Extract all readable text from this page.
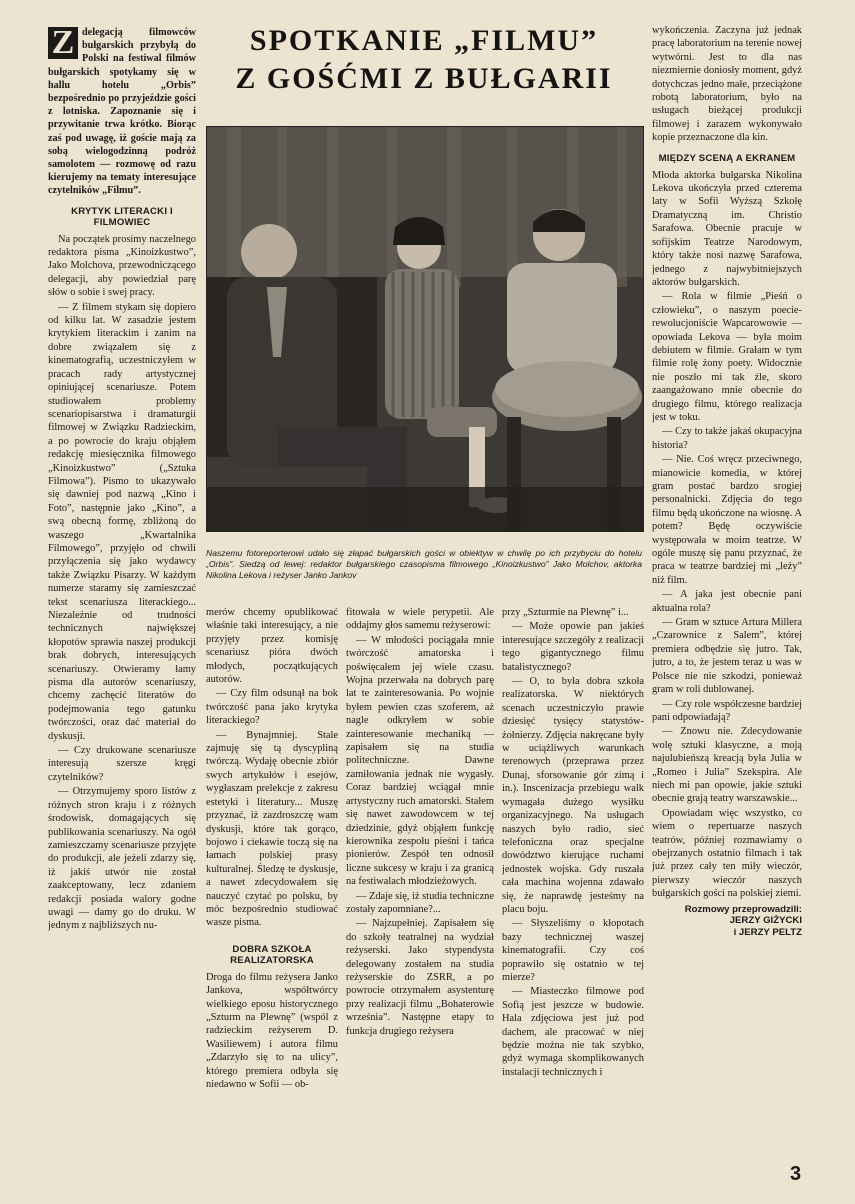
Z delegacją filmowców bułgarskich przybyłą do Polski na festiwal filmów bułgarskich spotykamy się w hallu hotelu „Orbis” bezpośrednio po przyjeździe gości z lotniska. Zapoznanie się i przywitanie trwa krótko. Biorąc zaś pod uwagę, iż goście mają za sobą wielogodzinną podróż samolotem — rozmowę od razu kierujemy na tematy interesujące czytelników „Filmu”.
KRYTYK LITERACKI I FILMOWIEC

Na początek prosimy naczelnego redaktora pisma „Kinoizkustwo”, Jako Molchova, przewodniczącego delegacji, aby powiedział parę słów o sobie i swej pracy.

— Z filmem stykam się dopiero od kilku lat. W zasadzie jestem krytykiem literackim i zanim na dobre związałem się z kinematografią, uczestniczyłem w pracach rady artystycznej opiniującej scenariusze. Potem studiowałem problemy scenariopisarstwa i dramaturgii filmowej w Związku Radzieckim, a po powrocie do kraju objąłem redakcję miesięcznika filmowego „Kinoizkustwo” („Sztuka Filmowa”). Pismo to ukazywało się dawniej pod nazwą „Kino i Foto”, następnie jako „Kino”, a swą obecną formę, zbliżoną do waszego „Kwartalnika Filmowego”, przyjęło od chwili przyłączenia się jako wydawcy także Związku Pisarzy. W każdym numerze staramy się zamieszczać tekst scenariusza literackiego... Niezależnie od trudności technicznych największej kłopotów sprawia naszej produkcji brak dobrych, interesujących scenariuszy. Otwieramy łamy pisma dla autorów scenariuszy, chcemy zachęcić literatów do podejmowania tego gatunku twórczości, oraz dać materiał do dyskusji.

— Czy drukowane scenariusze interesują szersze kręgi czytelników?

— Otrzymujemy sporo listów z różnych stron kraju i z różnych środowisk, domagających się publikowania scenariuszy. Na ogół zamieszczamy scenariusze przyjęte do produkcji, ale jeżeli zdarzy się, iż jakiś utwór nie został zaakceptowany, lecz zdaniem redakcji posiada walory godne uwagi — damy go do druku. W jednym z najbliższych nu-

SPOTKANIE „FILMU”
Z GOŚĆMI Z BUŁGARII
Naszemu fotoreporterowi udało się złapać bułgarskich gości w obiektyw w chwilę po ich przybyciu do hotelu „Orbis”. Siedzą od lewej: redaktor bułgarskiego czasopisma filmowego „Kinoizkustwo” Jako Molchov, aktorka Nikolina Lekova i reżyser Janko Jankov

merów chcemy opublikować właśnie taki interesujący, a nie przyjęty przez komisję scenariusz pióra dwóch młodych, początkujących autorów.

— Czy film odsunął na bok twórczość pana jako krytyka literackiego?

— Bynajmniej. Stale zajmuję się tą dyscypliną twórczą. Wydaję obecnie zbiór swych artykułów i esejów, wygłaszam prelekcje z zakresu estetyki i literatury... Muszę przyznać, iż zazdroszczę wam dyskusji, które tak gorąco, bojowo i ciekawie toczą się na łamach polskiej prasy kulturalnej. Śledzę te dyskusje, a nawet zdecydowałem się nauczyć czytać po polsku, by móc bezpośrednio studiować wasze pisma.

DOBRA SZKOŁA REALIZATORSKA

Droga do filmu reżysera Janko Jankova, współtwórcy wielkiego eposu historycznego „Szturm na Plewnę” (wspól z radzieckim reżyserem D. Wasiliewem) i autora filmu „Zdarzyło się to na ulicy”, którego premiera odbyła się niedawno w Sofii — ob-

fitowała w wiele perypetii. Ale oddajmy głos samemu reżyserowi:

— W młodości pociągała mnie twórczość amatorska i poświęcałem jej wiele czasu. Wojna przerwała na dobrych parę lat te zainteresowania. Po wojnie byłem pewien czas szoferem, aż nagle odkryłem w sobie zainteresowanie mechaniką — zapisałem się na studia politechniczne. Dawne zamiłowania jednak nie wygasły. Coraz bardziej wciągał mnie artystyczny ruch amatorski. Stałem się nawet zawodowcem w tej dziedzinie, gdyż objąłem funkcję kierownika zespołu pieśni i tańca pionierów. Zespół ten odnosił liczne sukcesy w kraju i za granicą na festiwalach młodzieżowych.

— Zdaje się, iż studia techniczne zostały zapomniane?...

— Najzupełniej. Zapisałem się do szkoły teatralnej na wydział reżyserski. Jako stypendysta delegowany zostałem na studia reżyserskie do ZSRR, a po powrocie otrzymałem asystenturę przy realizacji filmu „Bohaterowie września”. Następne etapy to funkcja drugiego reżysera

przy „Szturmie na Plewnę” i...

— Może opowie pan jakieś interesujące szczegóły z realizacji tego gigantycznego filmu batalistycznego?

— O, to była dobra szkoła realizatorska. W niektórych scenach uczestniczyło prawie dziesięć tysięcy statystów-żołnierzy. Zdjęcia nakręcane były w uciążliwych warunkach terenowych (przeprawa przez Dunaj, sforsowanie gór zimą i in.). Inscenizacja przebiegu walk wymagała dużego wysiłku organizacyjnego. Na usługach naszych było radio, sieć telefoniczna oraz specjalne dowództwo kierujące ruchami jednostek wojska. Gdy ruszała cała machina wojenna zdawało się, że naprawdę jesteśmy na placu boju.

— Słyszeliśmy o kłopotach bazy technicznej waszej kinematografii. Czy coś poprawiło się ostatnio w tej mierze?

— Miasteczko filmowe pod Sofią jest jeszcze w budowie. Hala zdjęciowa jest już pod dachem, ale pracować w niej będzie można nie tak szybko, gdyż wymaga skomplikowanych instalacji technicznych i

wykończenia. Zaczyna już jednak pracę laboratorium na terenie nowej wytwórni. Jest to dla nas niezmiernie doniosły moment, gdyż dotychczas jedno małe, przeciążone robotą laboratorium, było na usługach bieżącej produkcji filmowej i zarazem wykonywało kopie przeznaczone dla kin.

MIĘDZY SCENĄ A EKRANEM

Młoda aktorka bułgarska Nikolina Lekova ukończyła przed czterema laty w Sofii Wyższą Szkołę Dramatyczną im. Christio Sarafowa. Obecnie pracuje w sofijskim Teatrze Narodowym, który także nosi nazwę Sarafowa, jednego z najwybitniejszych aktorów bułgarskich.

— Rola w filmie „Pieśń o człowieku”, o naszym poecie-rewolucjoniście Wapcarowowie — opowiada Lekova — była moim debiutem w filmie. Grałam w tym filmie rolę żony poety. Widocznie nie poszło mi tak źle, skoro zaangażowano mnie obecnie do drugiego filmu, którego realizacja jest w toku.

— Czy to także jakaś okupacyjna historia?

— Nie. Coś wręcz przeciwnego, mianowicie komedia, w której gram postać bardzo srogiej personalnicki. Zdjęcia do tego filmu będą ukończone na wiosnę. A potem? Będę oczywiście występowała w moim teatrze. W ogóle muszę się panu przyznać, że praca w teatrze bardziej mi „leży” niż film.

— A jaka jest obecnie pani aktualna rola?

— Gram w sztuce Artura Millera „Czarownice z Salem”, której premiera odbędzie się jutro. Tak, jutro, a to, że jestem teraz u was w Polsce nie nie szkodzi, ponieważ gram w roli dublowanej.

— Czy role współczesne bardziej pani odpowiadają?

— Znowu nie. Zdecydowanie wolę sztuki klasyczne, a moją najulubieńszą kreacją była Julia w „Romeo i Julia” Szekspira. Ale niech mi pan opowie, jakie sztuki obecnie grają teatry warszawskie...

Opowiadam więc wszystko, co wiem o repertuarze naszych teatrów, później rozmawiamy o obejrzanych ostatnio filmach i tak już przez cały ten miły wieczór, pierwszy wieczór naszych bułgarskich gości na polskiej ziemi.

Rozmowy przeprowadzili:
JERZY GIŻYCKI
i JERZY PELTZ
3
